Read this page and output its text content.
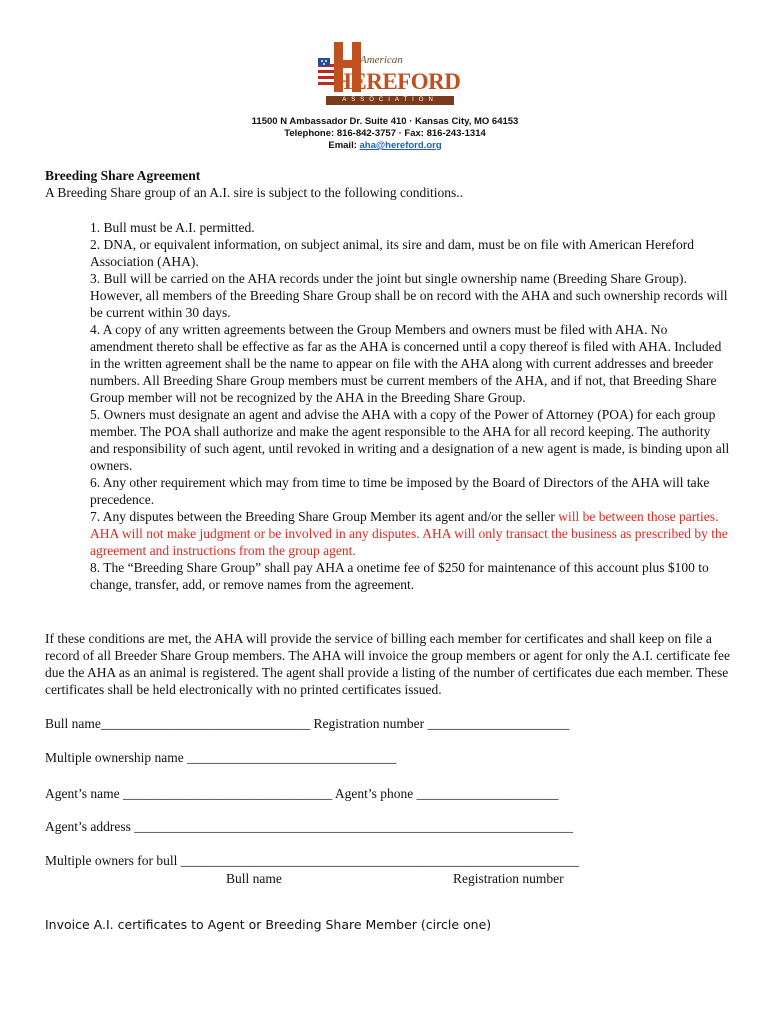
American
HEREFORD
ASSOCIATION
11500 N Ambassador Dr. Suite 410 · Kansas City, MO 64153
Telephone: 816-842-3757 · Fax: 816-243-1314
Email: aha@hereford.org
Breeding Share Agreement
A Breeding Share group of an A.I. sire is subject to the following conditions..

1. Bull must be A.I. permitted.

2. DNA, or equivalent information, on subject animal, its sire and dam, must be on file with American Hereford Association (AHA).

3. Bull will be carried on the AHA records under the joint but single ownership name (Breeding Share Group). However, all members of the Breeding Share Group shall be on record with the AHA and such ownership records will be current within 30 days.

4. A copy of any written agreements between the Group Members and owners must be filed with AHA. No amendment thereto shall be effective as far as the AHA is concerned until a copy thereof is filed with AHA. Included in the written agreement shall be the name to appear on file with the AHA along with current addresses and breeder numbers. All Breeding Share Group members must be current members of the AHA, and if not, that Breeding Share Group member will not be recognized by the AHA in the Breeding Share Group.

5. Owners must designate an agent and advise the AHA with a copy of the Power of Attorney (POA) for each group member. The POA shall authorize and make the agent responsible to the AHA for all record keeping. The authority and responsibility of such agent, until revoked in writing and a designation of a new agent is made, is binding upon all owners.

6. Any other requirement which may from time to time be imposed by the Board of Directors of the AHA will take precedence.

7. Any disputes between the Breeding Share Group Member its agent and/or the seller will be between those parties. AHA will not make judgment or be involved in any disputes. AHA will only transact the business as prescribed by the agreement and instructions from the group agent.

8. The “Breeding Share Group” shall pay AHA a onetime fee of $250 for maintenance of this account plus $100 to change, transfer, add, or remove names from the agreement.

If these conditions are met, the AHA will provide the service of billing each member for certificates and shall keep on file a record of all Breeder Share Group members. The AHA will invoice the group members or agent for only the A.I. certificate fee due the AHA as an animal is registered. The agent shall provide a listing of the number of certificates due each member. These certificates shall be held electronically with no printed certificates issued.

Bull name_______________________________ Registration number _____________________
Multiple ownership name _______________________________
Agent’s name _______________________________ Agent’s phone _____________________
Agent’s address _________________________________________________________________
Multiple owners for bull ___________________________________________________________
Bull name	Registration number
Invoice A.I. certificates to Agent or Breeding Share Member (circle one)
